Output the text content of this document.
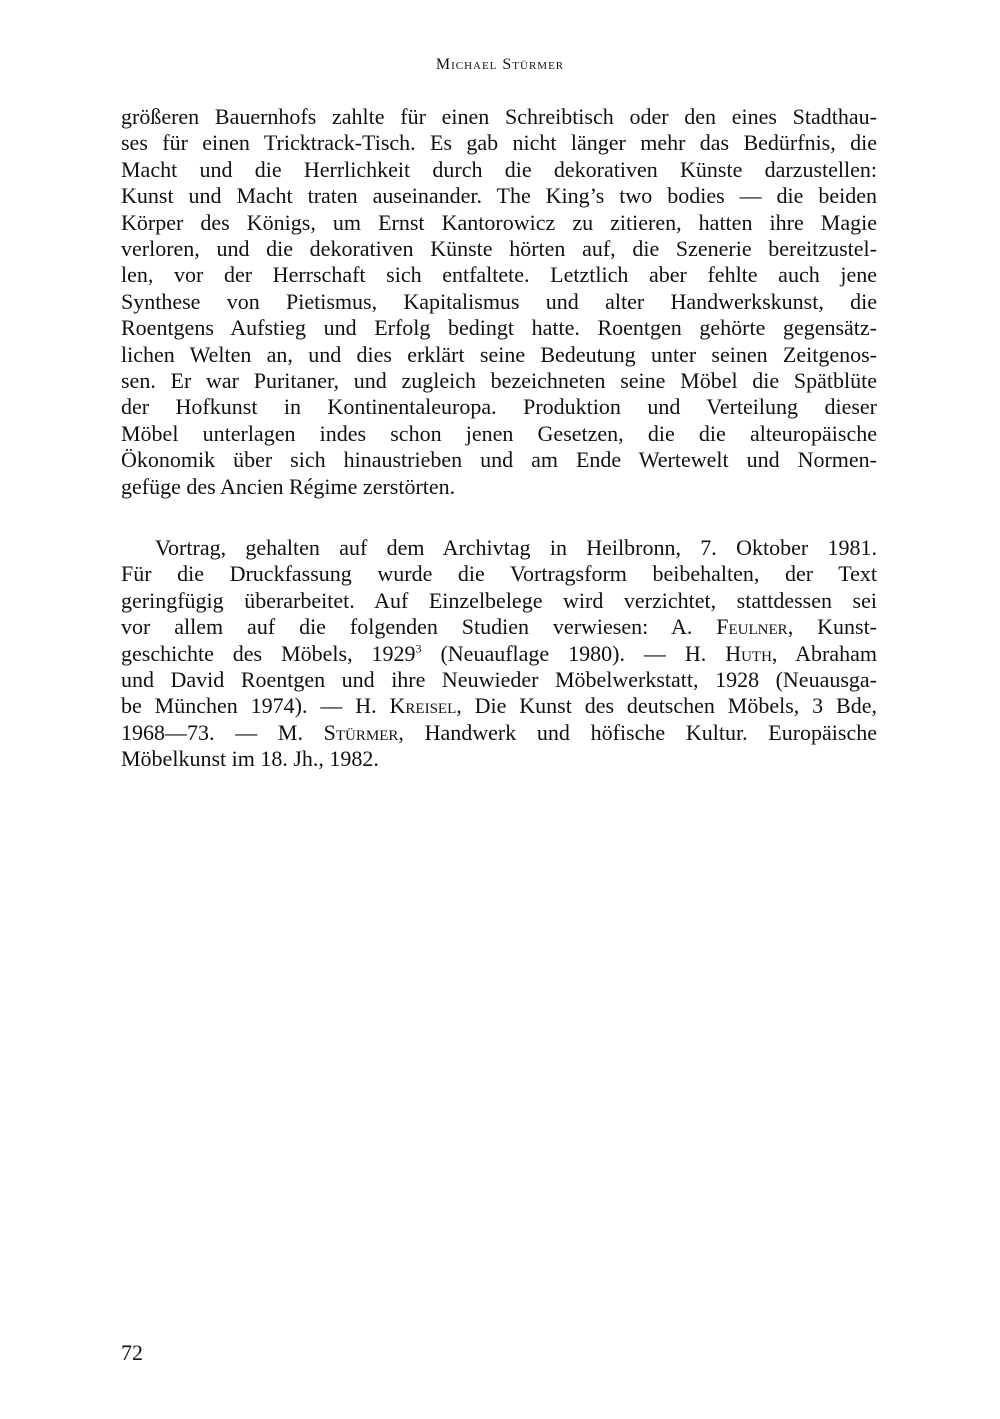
Michael Stürmer
größeren Bauernhofs zahlte für einen Schreibtisch oder den eines Stadthau-
ses für einen Tricktrack-Tisch. Es gab nicht länger mehr das Bedürfnis, die
Macht und die Herrlichkeit durch die dekorativen Künste darzustellen:
Kunst und Macht traten auseinander. The King’s two bodies — die beiden
Körper des Königs, um Ernst Kantorowicz zu zitieren, hatten ihre Magie
verloren, und die dekorativen Künste hörten auf, die Szenerie bereitzustel-
len, vor der Herrschaft sich entfaltete. Letztlich aber fehlte auch jene
Synthese von Pietismus, Kapitalismus und alter Handwerkskunst, die
Roentgens Aufstieg und Erfolg bedingt hatte. Roentgen gehörte gegensätz-
lichen Welten an, und dies erklärt seine Bedeutung unter seinen Zeitgenos-
sen. Er war Puritaner, und zugleich bezeichneten seine Möbel die Spätblüte
der Hofkunst in Kontinentaleuropa. Produktion und Verteilung dieser
Möbel unterlagen indes schon jenen Gesetzen, die die alteuropäische
Ökonomik über sich hinaustrieben und am Ende Wertewelt und Normen-
gefüge des Ancien Régime zerstörten.
Vortrag, gehalten auf dem Archivtag in Heilbronn, 7. Oktober 1981.
Für die Druckfassung wurde die Vortragsform beibehalten, der Text
geringfügig überarbeitet. Auf Einzelbelege wird verzichtet, stattdessen sei
vor allem auf die folgenden Studien verwiesen: A. Feulner, Kunst-
geschichte des Möbels, 1929$^3$ (Neuauflage 1980). — H. Huth, Abraham
und David Roentgen und ihre Neuwieder Möbelwerkstatt, 1928 (Neuausga-
be München 1974). — H. Kreisel, Die Kunst des deutschen Möbels, 3 Bde,
1968—73. — M. Stürmer, Handwerk und höfische Kultur. Europäische
Möbelkunst im 18. Jh., 1982.
72
